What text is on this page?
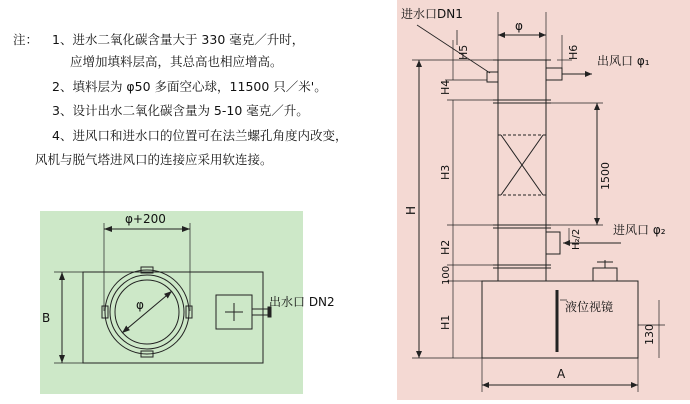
注： 1、进水二氧化碳含量大于 330 毫克／升时，
应增加填料层高，其总高也相应增高。
2、填料层为 φ50 多面空心球，11500 只／米'。
3、设计出水二氧化碳含量为 5-10 毫克／升。
4、进风口和进水口的位置可在法兰螺孔角度内改变，
风机与脱气塔进风口的连接应采用软连接。
φ+200
B
φ	出水口 DN2
进水口DN1
φ
出风口 φ₁
进风口 φ₂
液位视镜
A
H
H1
H2
H3
H4
H5	H6
100
1500
H₂/2
130
